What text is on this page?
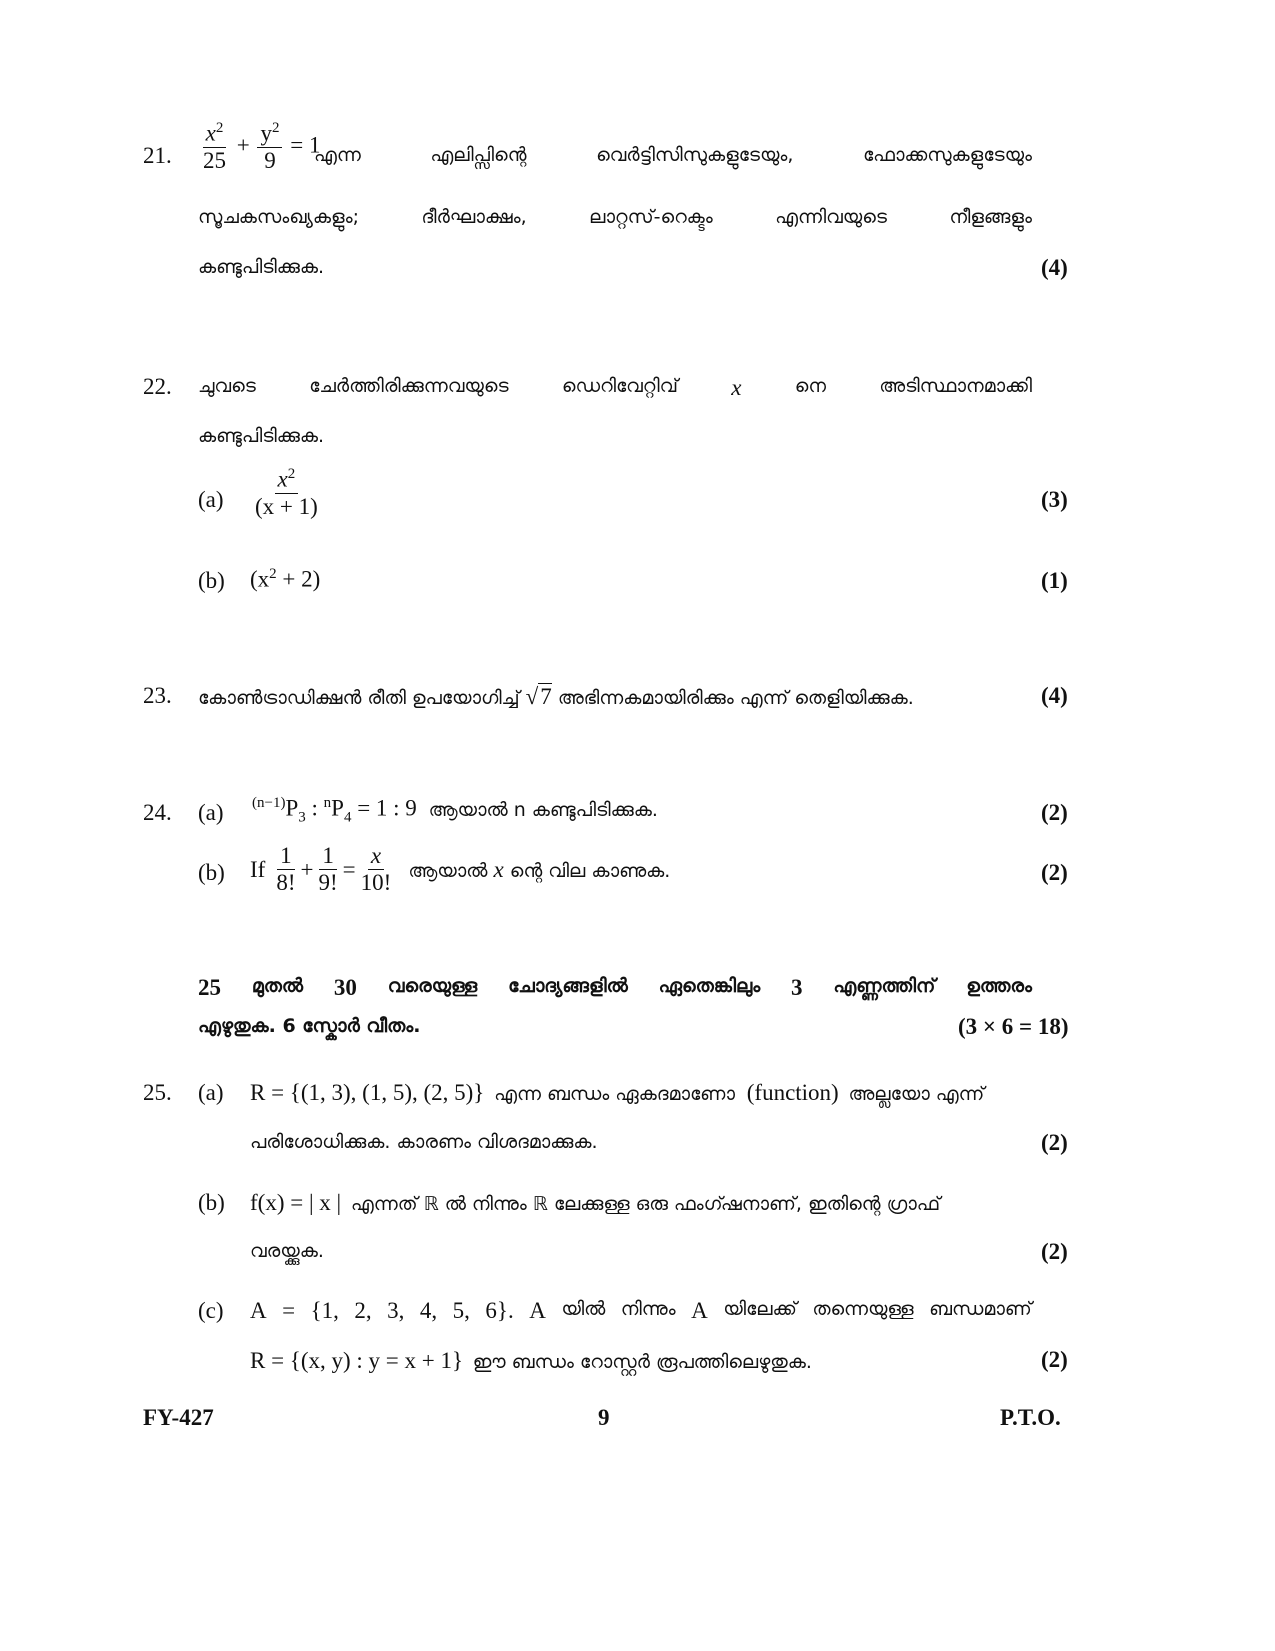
21. $\frac{x^2}{25} + \frac{y^2}{9} = 1$
എന്ന	എലിപ്സിന്റെ	വെർട്ടിസിസുകളുടേയും,	ഫോക്കസുകളുടേയും
സൂചകസംഖ്യകളും;	ദീർഘാക്ഷം,	ലാറ്റസ്-റെക്ടം	എന്നിവയുടെ	നീളങ്ങളും
കണ്ടുപിടിക്കുക.	(4)
22. ചുവടെ	ചേർത്തിരിക്കുന്നവയുടെ	ഡെറിവേറ്റിവ് x	നെ	അടിസ്ഥാനമാക്കി
കണ്ടുപിടിക്കുക.
$(a) \frac{x^2}{(x + 1)}$	(3)
(b) $(x^2 + 2)$	(1)
23. കോൺട്രാഡിക്ഷൻ രീതി ഉപയോഗിച്ച് √7 അഭിന്നകമായിരിക്കും എന്ന് തെളിയിക്കുക.	(4)
24. (a) $^{(n-1)}P_3$ : $^nP_4 = 1$ : 9 ആയാൽ n കണ്ടുപിടിക്കുക.	(2)
(b) If $\frac{1}{8!} + \frac{1}{9!} = \frac{x}{10!}$ ആയാൽ x ന്റെ വില കാണുക.	(2)
25 മുതൽ 30 വരെയുള്ള ചോദ്യങ്ങളിൽ ഏതെങ്കിലും 3 എണ്ണത്തിന് ഉത്തരം
എഴുതുക. 6 സ്കോർ വീതം.	(3 × 6 = 18)
25. (a) R = {(1, 3), (1, 5), (2, 5)} എന്ന ബന്ധം ഏകദമാണോ (function) അല്ലയോ എന്ന്
പരിശോധിക്കുക. കാരണം വിശദമാക്കുക.	(2)
(b) f(x) = | x | എന്നത് ℝ ൽ നിന്നും ℝ ലേക്കുള്ള ഒരു ഫംഗ്ഷനാണ്, ഇതിന്റെ ഗ്രാഫ്
വരയ്ക്കുക.	(2)
(c) A = {1, 2, 3, 4, 5, 6}. A യിൽ നിന്നും A യിലേക്ക് തന്നെയുള്ള ബന്ധമാണ്
R = {(x, y) : y = x + 1} ഈ ബന്ധം റോസ്റ്റർ രൂപത്തിലെഴുതുക.	(2)
FY-427	9	P.T.O.
